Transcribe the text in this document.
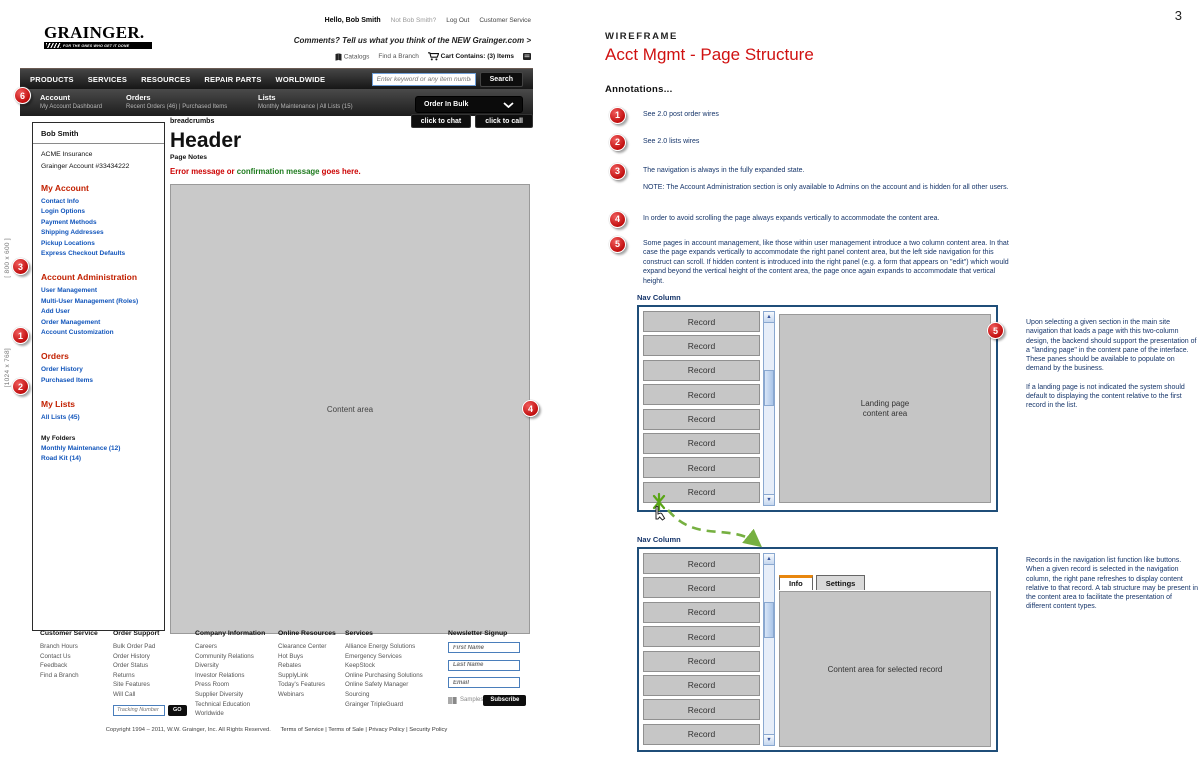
Hello, Bob Smith Not Bob Smith? Log Out Customer Service
Comments? Tell us what you think of the NEW Grainger.com >
GRAINGER.
FOR THE ONES WHO GET IT DONE
Catalogs Find a Branch	Cart Contains: (3) Items
PRODUCTS SERVICES RESOURCES REPAIR PARTS WORLDWIDE
Enter keyword or any item number	Search
Account
My Account Dashboard
Orders
Recent Orders (46) | Purchased Items
Lists
Monthly Maintenance | All Lists (15)	Order In Bulk
Bob Smith
ACME Insurance
Grainger Account #33434222
My Account
Contact Info
Login Options
Payment Methods
Shipping Addresses
Pickup Locations
Express Checkout Defaults
Account Administration
User Management
Multi-User Management (Roles)
Add User
Order Management
Account Customization
Orders
Order History
Purchased Items
My Lists
All Lists (45)
My Folders
Monthly Maintenance (12)
Road Kit (14)
breadcrumbs	click to chat	click to call
Header
Page Notes
Error message or confirmation message goes here.
Content area
Customer Service
Branch Hours
Contact Us
Feedback
Find a Branch
Order Support
Bulk Order Pad
Order History
Order Status
Returns
Site Features
Will Call
Tracking Number
GO
Company Information
Careers
Community Relations
Diversity
Investor Relations
Press Room
Supplier Diversity
Technical Education
Worldwide
Online Resources
Clearance Center
Hot Buys
Rebates
SupplyLink
Today's Features
Webinars
Services
Alliance Energy Solutions
Emergency Services
KeepStock
Online Purchasing Solutions
Online Safety Manager
Sourcing
Grainger TripleGuard
Newsletter Signup
First Name
Last Name
Email
Samples	Subscribe
Copyright 1994 – 2011, W.W. Grainger, Inc. All Rights Reserved. Terms of Service | Terms of Sale | Privacy Policy | Security Policy
[ 800 x 600 ]
[1024 x 768]
6
3
1
2
4
3
WIREFRAME
Acct Mgmt - Page Structure
Annotations...
1	See 2.0 post order wires

2	See 2.0 lists wires

3	The navigation is always in the fully expanded state.

NOTE: The Account Administration section is only available to Admins on the account and is hidden for all other users.

4	In order to avoid scrolling the page always expands vertically to accommodate the content area.

5	Some pages in account management, like those within user management introduce a two column content area. In that case the page expands vertically to accommodate the right panel content area, but the left side navigation for this construct can scroll. If hidden content is introduced into the right panel (e.g. a form that appears on "edit") which would expand beyond the vertical height of the content area, the page once again expands to accommodate that vertical height.

Nav Column
Record
Record
Record
Record
Record
Record
Record
Record
▲
▼
Landing page
content area
5
Nav Column
Record
Record
Record
Record
Record
Record
Record
Record
▲
▼
Info	Settings
Content area for selected record

Upon selecting a given section in the main site navigation that loads a page with this two-column design, the backend should support the presentation of a "landing page" in the content pane of the interface. These panes should be available to populate on demand by the business.

If a landing page is not indicated the system should default to displaying the content relative to the first record in the list.

Records in the navigation list function like buttons. When a given record is selected in the navigation column, the right pane refreshes to display content relative to that record. A tab structure may be present in the content area to facilitate the presentation of different content types.
